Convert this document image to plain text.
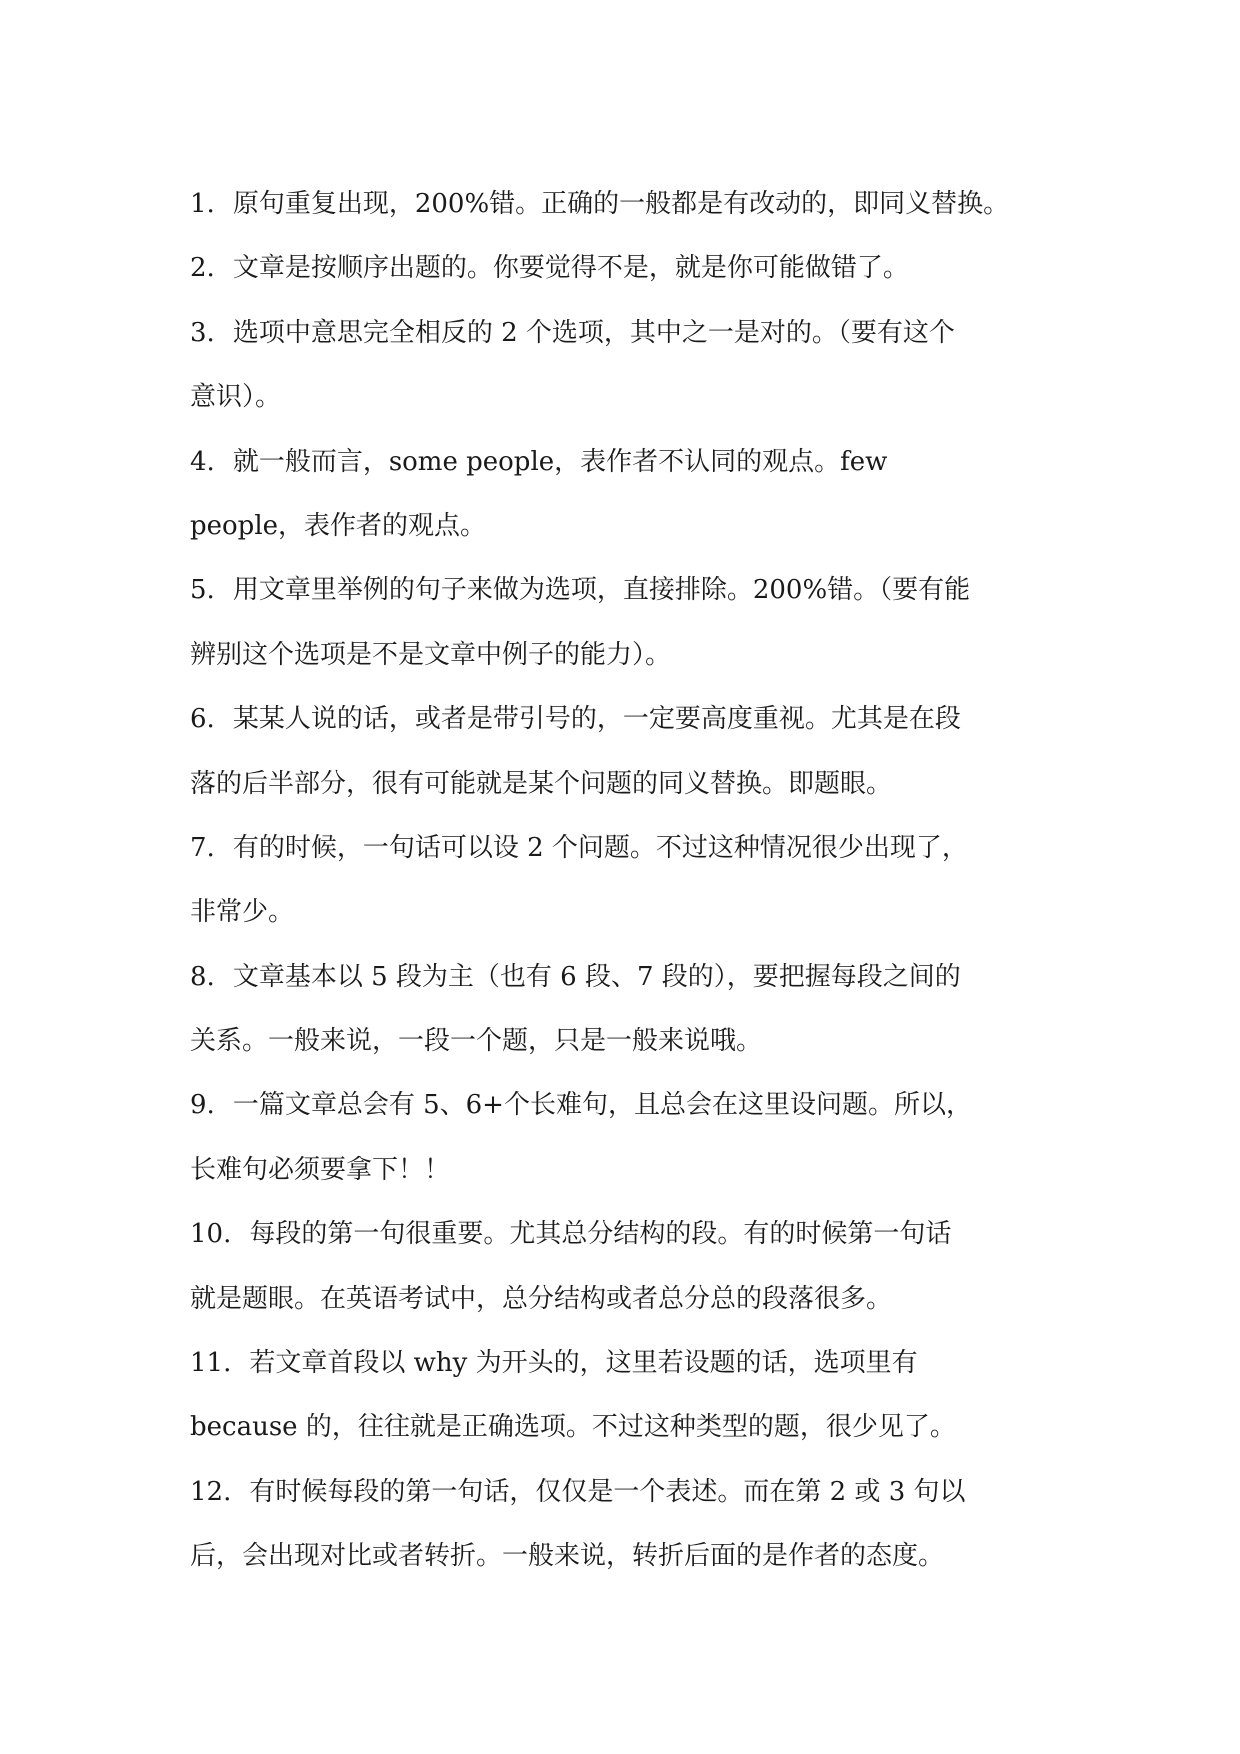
1. 原句重复出现，200%错。正确的一般都是有改动的，即同义替换。
2. 文章是按顺序出题的。你要觉得不是，就是你可能做错了。
3. 选项中意思完全相反的 2 个选项，其中之一是对的。（要有这个
意识）。
4. 就一般而言，some people，表作者不认同的观点。few
people，表作者的观点。
5. 用文章里举例的句子来做为选项，直接排除。200%错。（要有能
辨别这个选项是不是文章中例子的能力）。
6. 某某人说的话，或者是带引号的，一定要高度重视。尤其是在段
落的后半部分，很有可能就是某个问题的同义替换。即题眼。
7. 有的时候，一句话可以设 2 个问题。不过这种情况很少出现了，
非常少。
8. 文章基本以 5 段为主（也有 6 段、7 段的），要把握每段之间的
关系。一般来说，一段一个题，只是一般来说哦。
9. 一篇文章总会有 5、6+个长难句，且总会在这里设问题。所以，
长难句必须要拿下！！
10. 每段的第一句很重要。尤其总分结构的段。有的时候第一句话
就是题眼。在英语考试中，总分结构或者总分总的段落很多。
11. 若文章首段以 why 为开头的，这里若设题的话，选项里有
because 的，往往就是正确选项。不过这种类型的题，很少见了。
12. 有时候每段的第一句话，仅仅是一个表述。而在第 2 或 3 句以
后，会出现对比或者转折。一般来说，转折后面的是作者的态度。
